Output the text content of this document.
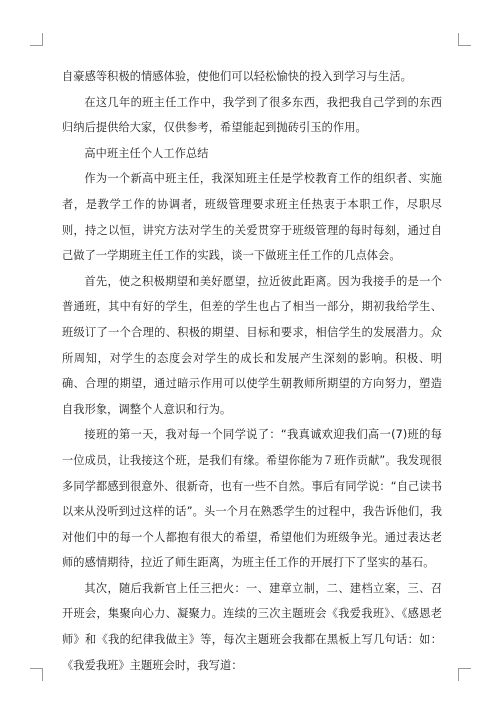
自豪感等积极的情感体验，使他们可以轻松愉快的投入到学习与生活。

在这几年的班主任工作中，我学到了很多东西，我把我自己学到的东西归纳后提供给大家，仅供参考，希望能起到抛砖引玉的作用。

高中班主任个人工作总结

作为一个新高中班主任，我深知班主任是学校教育工作的组织者、实施者，是教学工作的协调者，班级管理要求班主任热衷于本职工作，尽职尽则，持之以恒，讲究方法对学生的关爱贯穿于班级管理的每时每刻，通过自己做了一学期班主任工作的实践，谈一下做班主任工作的几点体会。

首先，使之积极期望和美好愿望，拉近彼此距离。因为我接手的是一个普通班，其中有好的学生，但差的学生也占了相当一部分，期初我给学生、班级订了一个合理的、积极的期望、目标和要求，相信学生的发展潜力。众所周知，对学生的态度会对学生的成长和发展产生深刻的影响。积极、明确、合理的期望，通过暗示作用可以使学生朝教师所期望的方向努力，塑造自我形象，调整个人意识和行为。

接班的第一天，我对每一个同学说了：“我真诚欢迎我们高一(7)班的每一位成员，让我接这个班，是我们有缘。希望你能为７班作贡献”。我发现很多同学都感到很意外、很新奇，也有一些不自然。事后有同学说：“自己读书以来从没听到过这样的话”。头一个月在熟悉学生的过程中，我告诉他们，我对他们中的每一个人都抱有很大的希望，希望他们为班级争光。通过表达老师的感情期待，拉近了师生距离，为班主任工作的开展打下了坚实的基石。

其次，随后我新官上任三把火：一、建章立制，二、建档立案，三、召开班会，集聚向心力、凝聚力。连续的三次主题班会《我爱我班》、《感恩老师》和《我的纪律我做主》等，每次主题班会我都在黑板上写几句话：如：《我爱我班》主题班会时，我写道：
